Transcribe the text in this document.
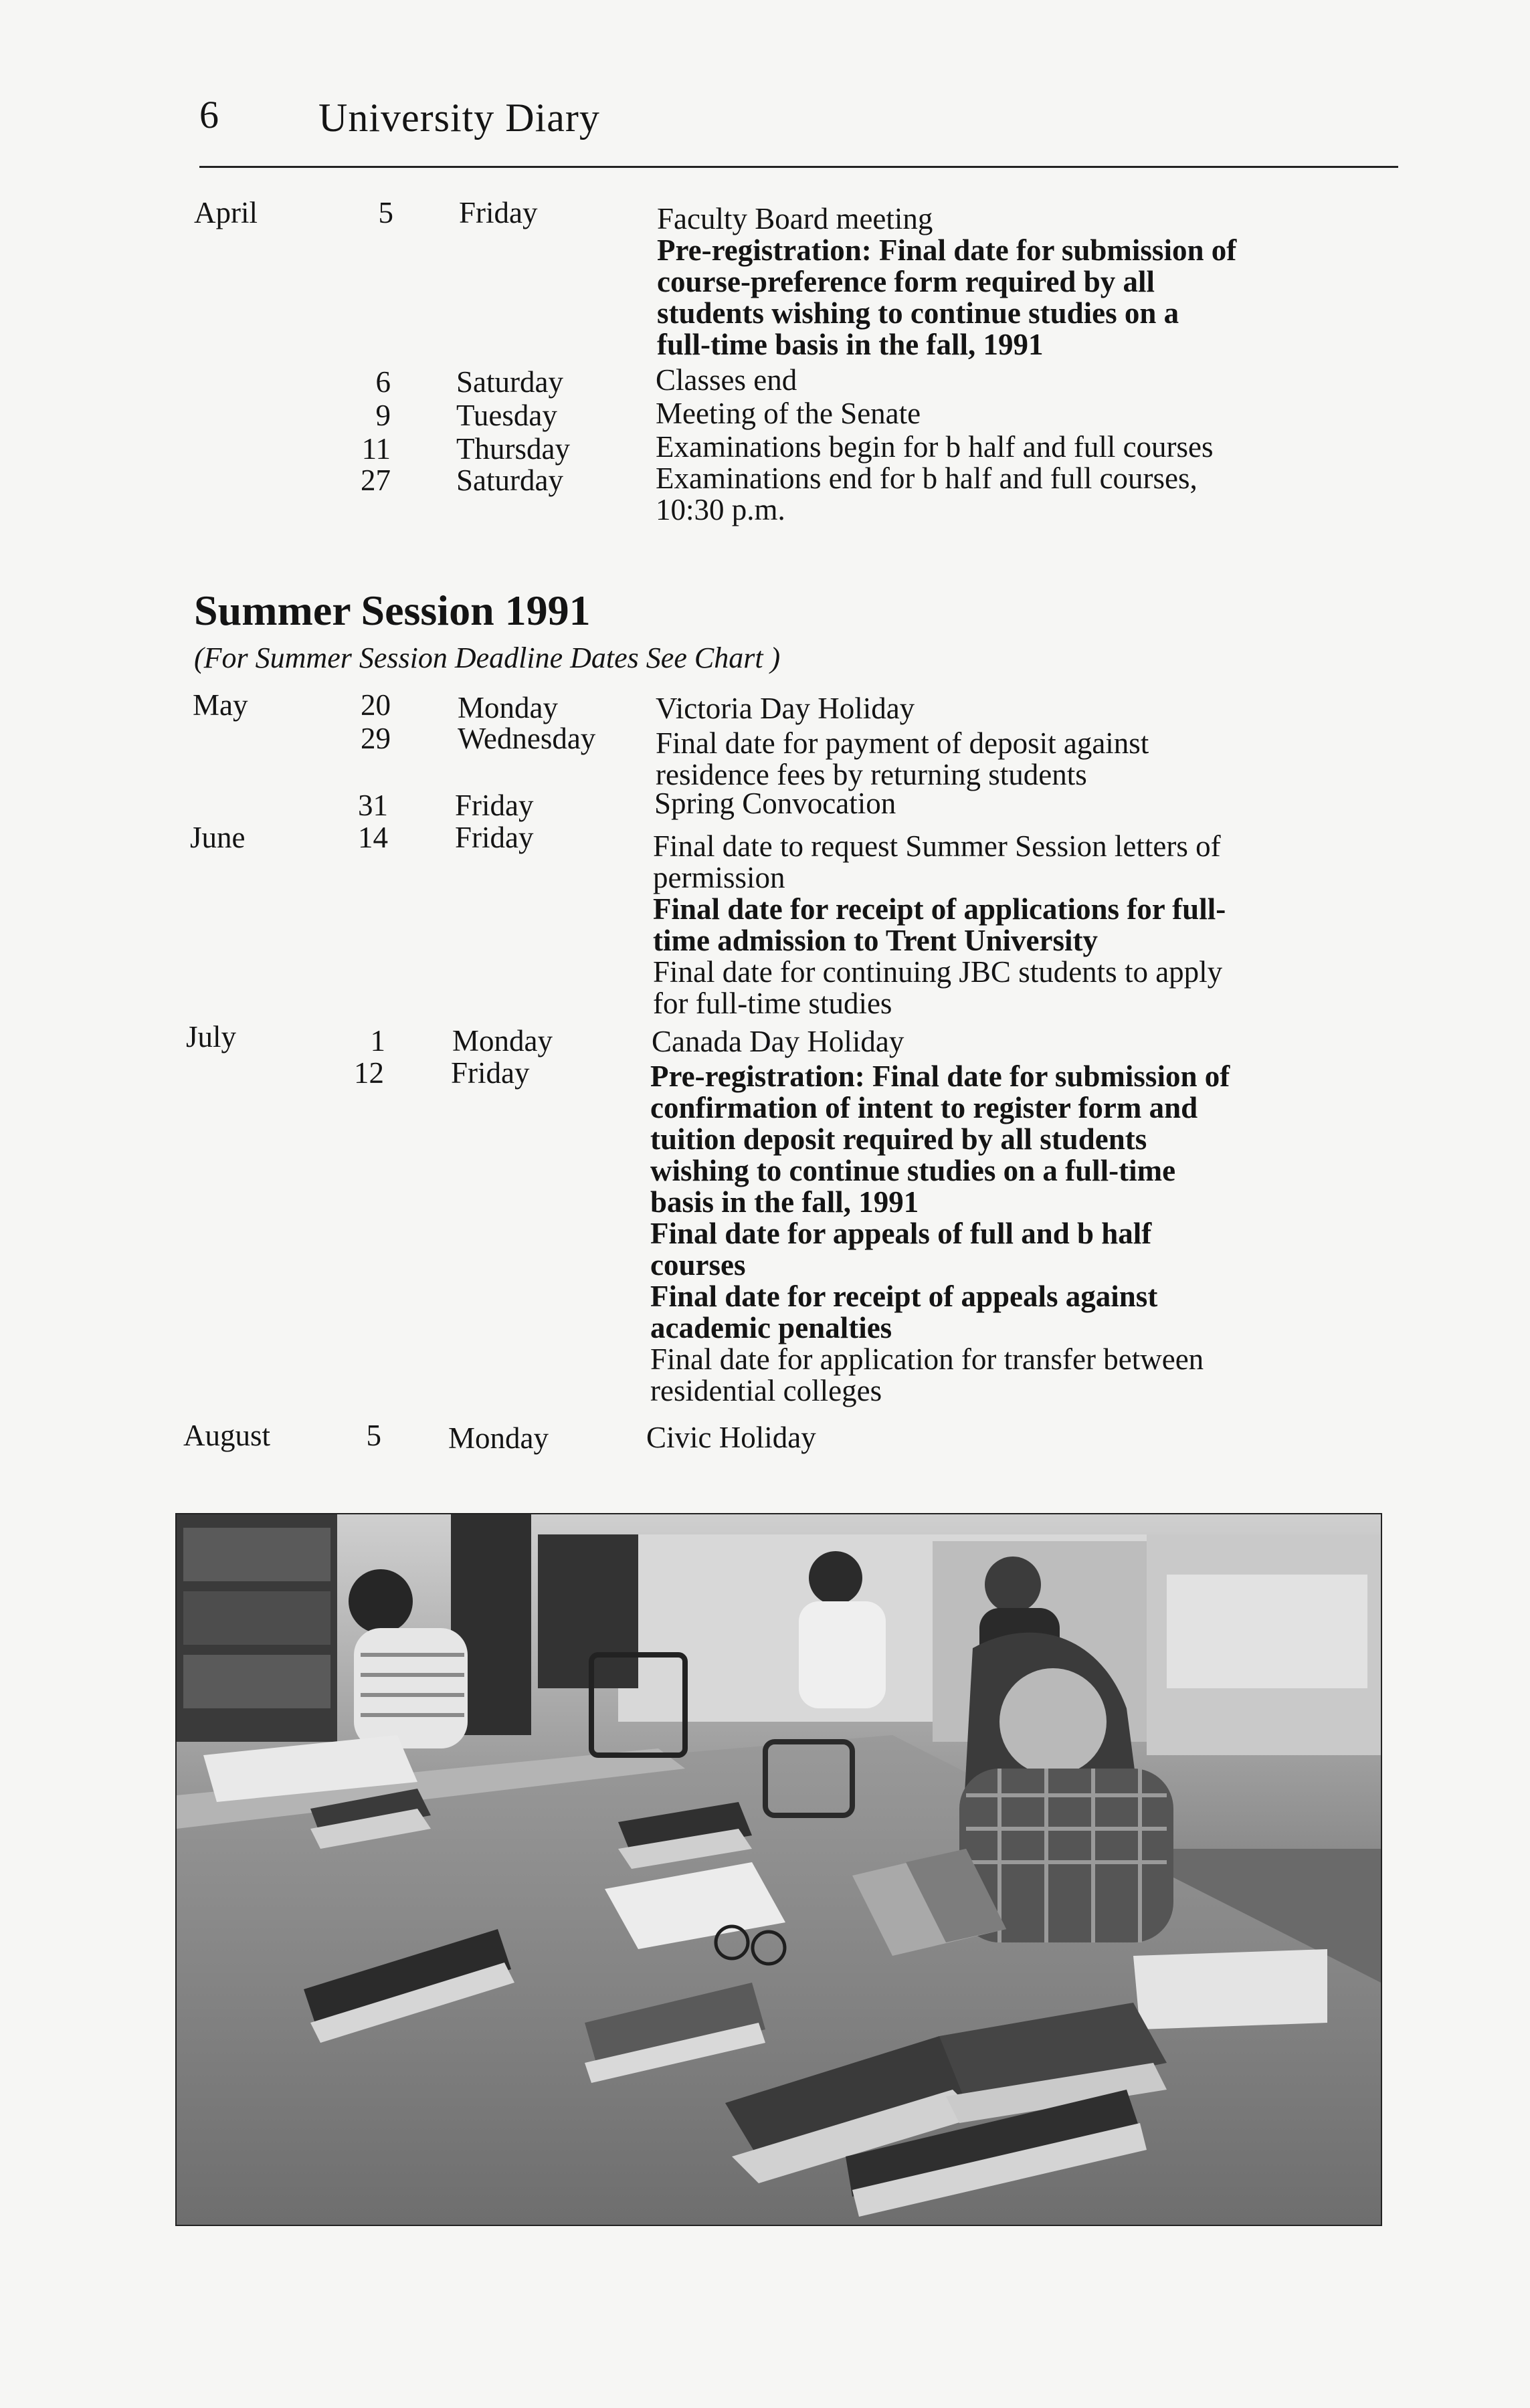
6 University Diary
April	5 Friday	Faculty Board meeting
Pre-registration: Final date for submission of
course-preference form required by all
students wishing to continue studies on a
full-time basis in the fall, 1991
6 Saturday	Classes end
9 Tuesday	Meeting of the Senate
11 Thursday	Examinations begin for b half and full courses
27 Saturday	Examinations end for b half and full courses,
10:30 p.m.
Summer Session 1991
(For Summer Session Deadline Dates See Chart )
May	20 Monday	Victoria Day Holiday
29 Wednesday Final date for payment of deposit against
residence fees by returning students
31 Friday	Spring Convocation
June	14 Friday	Final date to request Summer Session letters of
permission
Final date for receipt of applications for full-
time admission to Trent University
Final date for continuing JBC students to apply
for full-time studies
July	1 Monday	Canada Day Holiday
12 Friday	Pre-registration: Final date for submission of
confirmation of intent to register form and
tuition deposit required by all students
wishing to continue studies on a full-time
basis in the fall, 1991
Final date for appeals of full and b half
courses
Final date for receipt of appeals against
academic penalties
Final date for application for transfer between
residential colleges
August	5 Monday	Civic Holiday
